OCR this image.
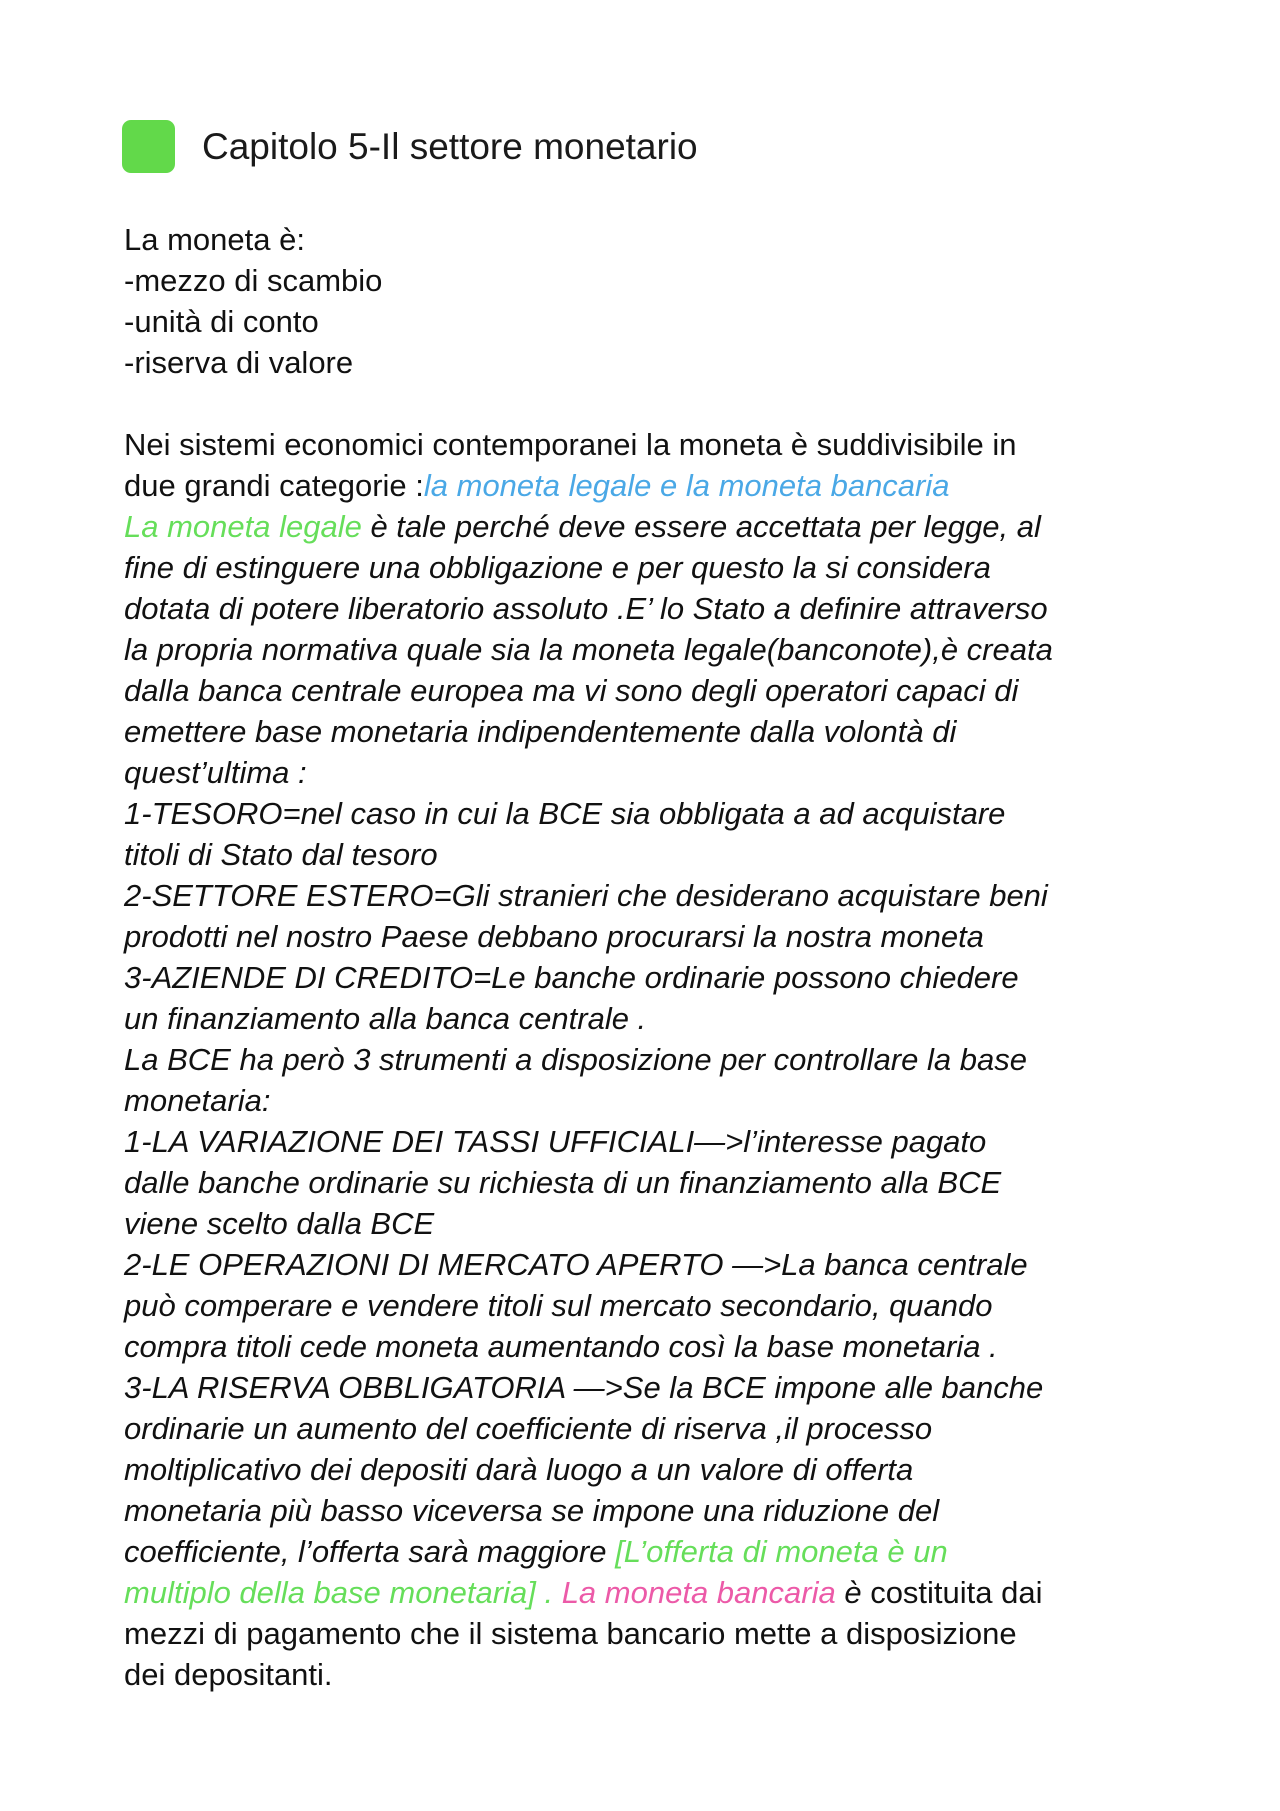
Capitolo 5-Il settore monetario
La moneta è:
-mezzo di scambio
-unità di conto
-riserva di valore
Nei sistemi economici contemporanei la moneta è suddivisibile in
due grandi categorie :la moneta legale e la moneta bancaria
La moneta legale è tale perché deve essere accettata per legge, al
fine di estinguere una obbligazione e per questo la si considera
dotata di potere liberatorio assoluto .E’ lo Stato a definire attraverso
la propria normativa quale sia la moneta legale(banconote),è creata
dalla banca centrale europea ma vi sono degli operatori capaci di
emettere base monetaria indipendentemente dalla volontà di
quest’ultima :
1-TESORO=nel caso in cui la BCE sia obbligata a ad acquistare
titoli di Stato dal tesoro
2-SETTORE ESTERO=Gli stranieri che desiderano acquistare beni
prodotti nel nostro Paese debbano procurarsi la nostra moneta
3-AZIENDE DI CREDITO=Le banche ordinarie possono chiedere
un finanziamento alla banca centrale .
La BCE ha però 3 strumenti a disposizione per controllare la base
monetaria:
1-LA VARIAZIONE DEI TASSI UFFICIALI—>l’interesse pagato
dalle banche ordinarie su richiesta di un finanziamento alla BCE
viene scelto dalla BCE
2-LE OPERAZIONI DI MERCATO APERTO —>La banca centrale
può comperare e vendere titoli sul mercato secondario, quando
compra titoli cede moneta aumentando così la base monetaria .
3-LA RISERVA OBBLIGATORIA —>Se la BCE impone alle banche
ordinarie un aumento del coefficiente di riserva ,il processo
moltiplicativo dei depositi darà luogo a un valore di offerta
monetaria più basso viceversa se impone una riduzione del
coefficiente, l’offerta sarà maggiore [L’offerta di moneta è un
multiplo della base monetaria] . La moneta bancaria è costituita dai
mezzi di pagamento che il sistema bancario mette a disposizione
dei depositanti.
